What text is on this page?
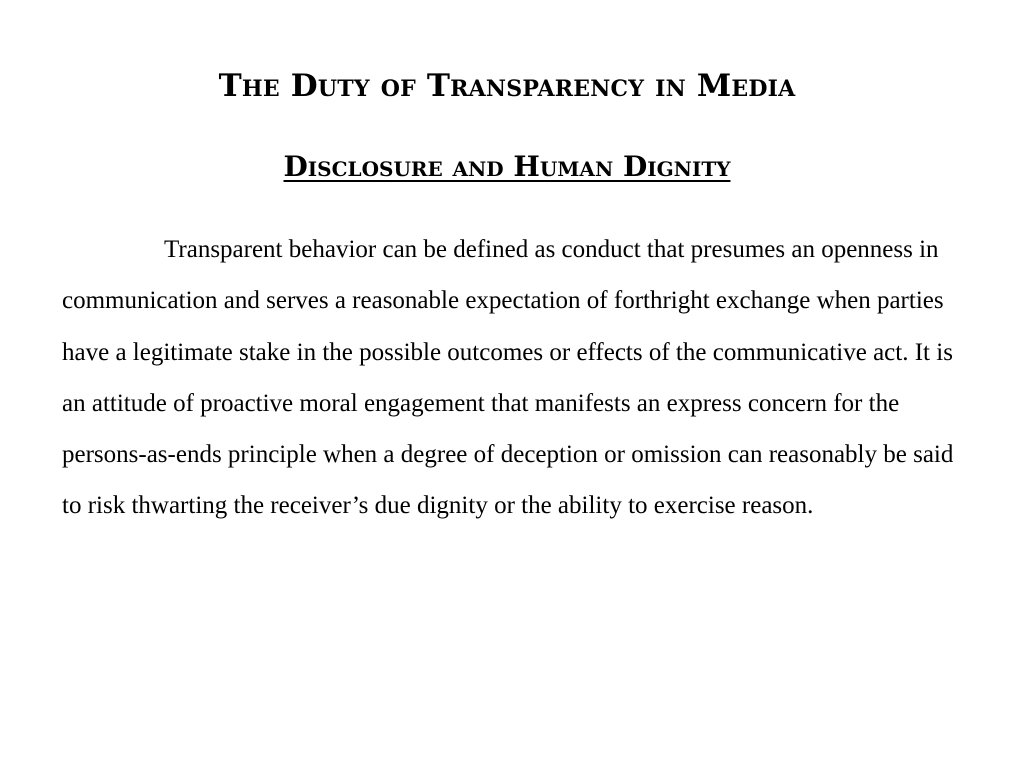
The Duty of Transparency in Media
Disclosure and Human Dignity

Transparent behavior can be defined as conduct that presumes an openness in communication and serves a reasonable expectation of forthright exchange when parties have a legitimate stake in the possible outcomes or effects of the communicative act. It is an attitude of proactive moral engagement that manifests an express concern for the persons-as-ends principle when a degree of deception or omission can reasonably be said to risk thwarting the receiver’s due dignity or the ability to exercise reason.
